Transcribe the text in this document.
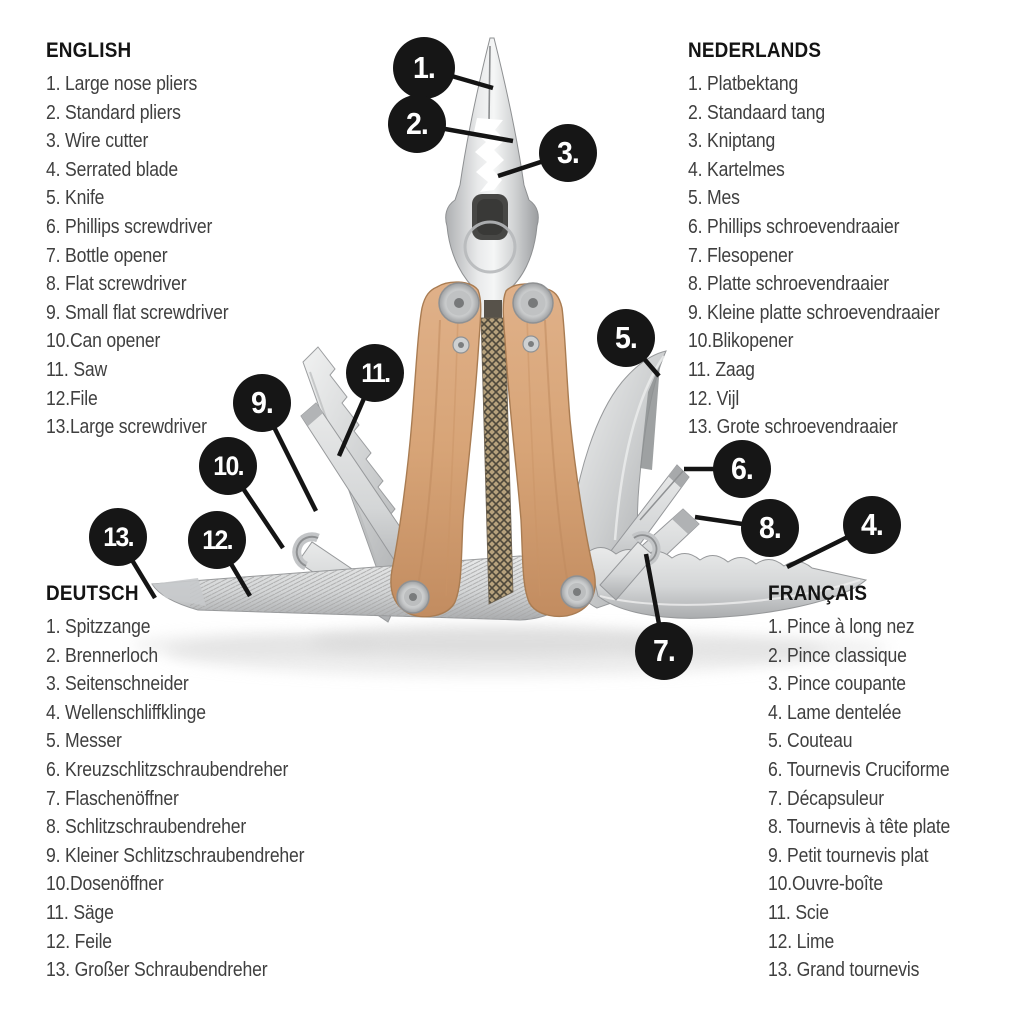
1.
2.
3.
4.
5.
6.
7.
8.
9.
10.
11.
12.
13.
ENGLISH
1. Large nose pliers
2. Standard pliers
3. Wire cutter
4. Serrated blade
5. Knife
6. Phillips screwdriver
7. Bottle opener
8. Flat screwdriver
9. Small flat screwdriver
10.Can opener
11. Saw
12.File
13.Large screwdriver
NEDERLANDS
1. Platbektang
2. Standaard tang
3. Kniptang
4. Kartelmes
5. Mes
6. Phillips schroevendraaier
7. Flesopener
8. Platte schroevendraaier
9. Kleine platte schroevendraaier
10.Blikopener
11. Zaag
12. Vijl
13. Grote schroevendraaier
DEUTSCH
1. Spitzzange
2. Brennerloch
3. Seitenschneider
4. Wellenschliffklinge
5. Messer
6. Kreuzschlitzschraubendreher
7. Flaschenöffner
8. Schlitzschraubendreher
9. Kleiner Schlitzschraubendreher
10.Dosenöffner
11. Säge
12. Feile
13. Großer Schraubendreher
FRANÇAIS
1. Pince à long nez
2. Pince classique
3. Pince coupante
4. Lame dentelée
5. Couteau
6. Tournevis Cruciforme
7. Décapsuleur
8. Tournevis à tête plate
9. Petit tournevis plat
10.Ouvre-boîte
11. Scie
12. Lime
13. Grand tournevis
